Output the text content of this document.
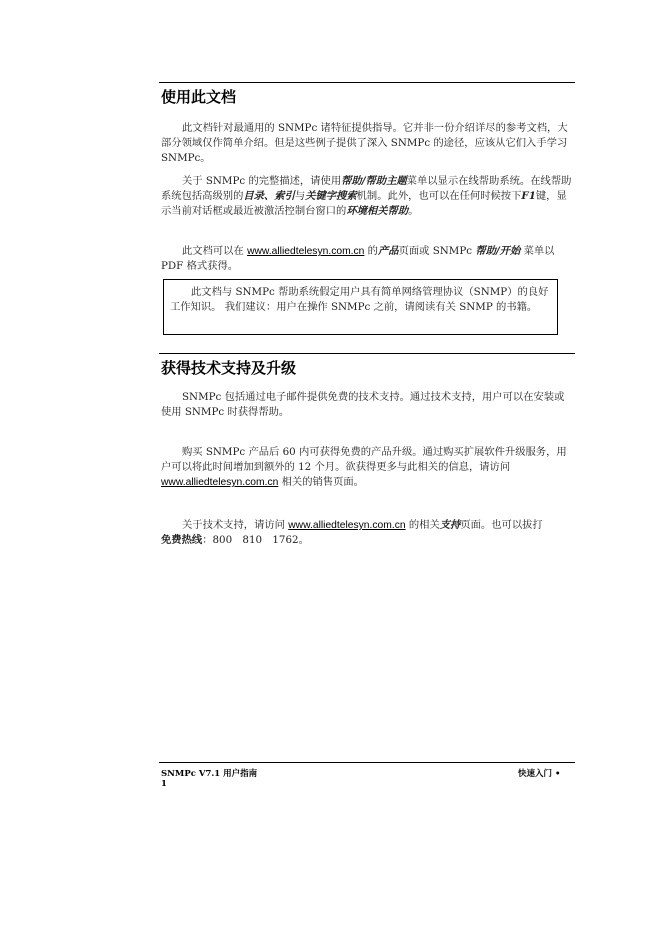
使用此文档
此文档针对最通用的 SNMPc 诸特征提供指导。它并非一份介绍详尽的参考文档，大部分领域仅作简单介绍。但是这些例子提供了深入 SNMPc 的途径，应该从它们入手学习 SNMPc。
关于 SNMPc 的完整描述，请使用帮助/帮助主题菜单以显示在线帮助系统。在线帮助系统包括高级别的目录、索引与关键字搜索机制。此外，也可以在任何时候按下F1键，显示当前对话框或最近被激活控制台窗口的环境相关帮助。
此文档可以在 www.alliedtelesyn.com.cn 的产品页面或 SNMPc 帮助/开始 菜单以 PDF 格式获得。
此文档与 SNMPc 帮助系统假定用户具有简单网络管理协议（SNMP）的良好工作知识。 我们建议：用户在操作 SNMPc 之前，请阅读有关 SNMP 的书籍。
获得技术支持及升级
SNMPc 包括通过电子邮件提供免费的技术支持。通过技术支持，用户可以在安装或使用 SNMPc 时获得帮助。
购买 SNMPc 产品后 60 内可获得免费的产品升级。通过购买扩展软件升级服务，用户可以将此时间增加到额外的 12 个月。欲获得更多与此相关的信息，请访问
www.alliedtelesyn.com.cn 相关的销售页面。
关于技术支持，请访问 www.alliedtelesyn.com.cn 的相关支持页面。也可以拔打
免费热线：800　810　1762。
SNMPc V7.1 用户指南	快速入门 •
1
